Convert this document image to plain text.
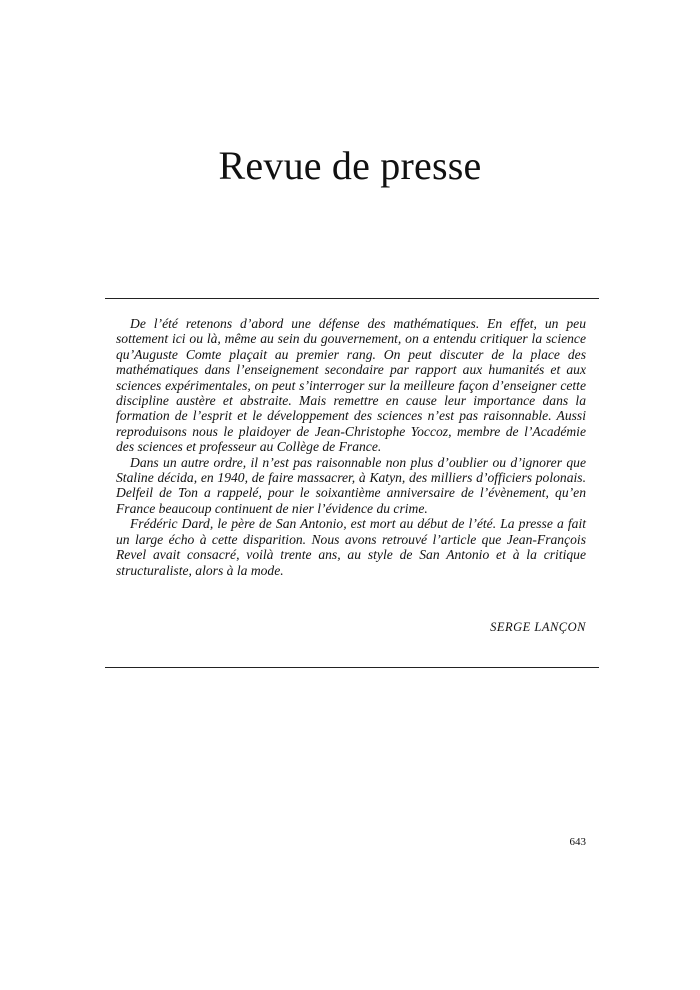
Revue de presse

De l’été retenons d’abord une défense des mathématiques. En effet, un peu sottement ici ou là, même au sein du gouvernement, on a entendu critiquer la science qu’Auguste Comte plaçait au premier rang. On peut discuter de la place des mathématiques dans l’enseignement secondaire par rapport aux humanités et aux sciences expérimentales, on peut s’interroger sur la meilleure façon d’enseigner cette discipline austère et abstraite. Mais remettre en cause leur importance dans la formation de l’esprit et le développement des sciences n’est pas raisonnable. Aussi reproduisons nous le plaidoyer de Jean-Christophe Yoccoz, membre de l’Académie des sciences et professeur au Collège de France.

Dans un autre ordre, il n’est pas raisonnable non plus d’oublier ou d’ignorer que Staline décida, en 1940, de faire massacrer, à Katyn, des milliers d’officiers polonais. Delfeil de Ton a rappelé, pour le soixantième anniversaire de l’évènement, qu’en France beaucoup continuent de nier l’évidence du crime.

Frédéric Dard, le père de San Antonio, est mort au début de l’été. La presse a fait un large écho à cette disparition. Nous avons retrouvé l’article que Jean-François Revel avait consacré, voilà trente ans, au style de San Antonio et à la critique structuraliste, alors à la mode.

SERGE LANÇON
643
